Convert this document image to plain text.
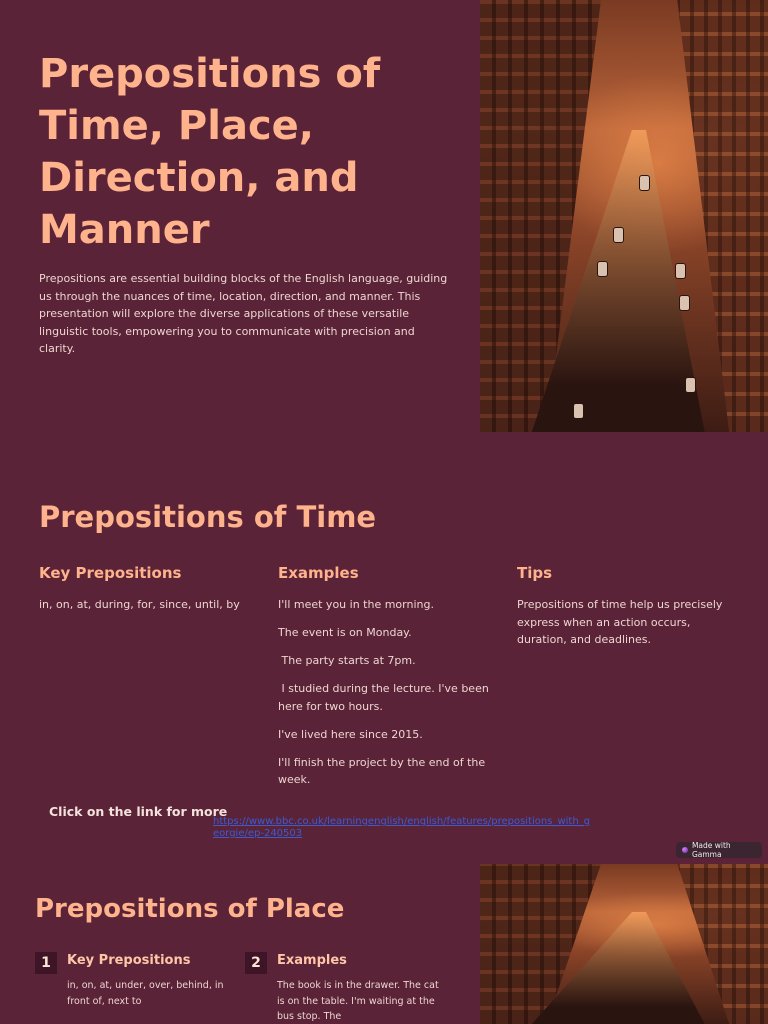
Prepositions of Time, Place, Direction, and Manner

Prepositions are essential building blocks of the English language, guiding us through the nuances of time, location, direction, and manner. This presentation will explore the diverse applications of these versatile linguistic tools, empowering you to communicate with precision and clarity.

Prepositions of Time
Key Prepositions

in, on, at, during, for, since, until, by

Examples

I'll meet you in the morning.

The event is on Monday.

The party starts at 7pm.

I studied during the lecture. I've been here for two hours.

I've lived here since 2015.

I'll finish the project by the end of the week.

Tips

Prepositions of time help us precisely express when an action occurs, duration, and deadlines.

Click on the link for more
https://www.bbc.co.uk/learningenglish/english/features/prepositions_with_georgie/ep-240503
Made with Gamma
Prepositions of Place
1	Key Prepositions

in, on, at, under, over, behind, in front of, next to

2	Examples

The book is in the drawer. The cat is on the table. I'm waiting at the bus stop. The
